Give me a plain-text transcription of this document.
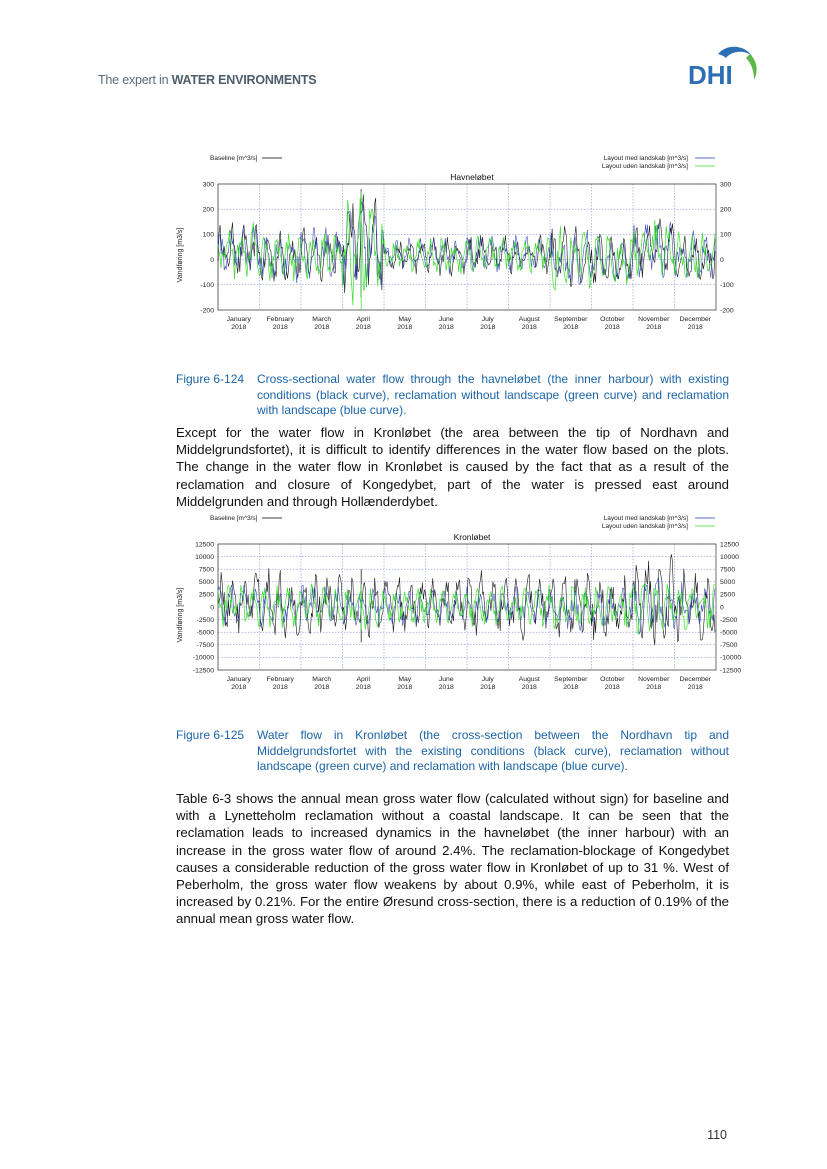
The expert in WATER ENVIRONMENTS	DHI
Baseline [m^3/s]	Layout med landskab [m^3/s]
Layout uden landskab [m^3/s]
Havneløbet
300	300
200	200
100	100
0	0
-100	-100
-200	-200
January
2018
February
2018
March
2018
April
2018
May
2018
June
2018
July
2018
August
2018
September
2018
October
2018
November
2018
December
2018
Vandføring [m3/s]
Figure 6-124 Cross-sectional water flow through the havneløbet (the inner harbour) with existing conditions (black curve), reclamation without landscape (green curve) and reclamation with landscape (blue curve).
Except for the water flow in Kronløbet (the area between the tip of Nordhavn and Middelgrundsfortet), it is difficult to identify differences in the water flow based on the plots. The change in the water flow in Kronløbet is caused by the fact that as a result of the reclamation and closure of Kongedybet, part of the water is pressed east around Middelgrunden and through Hollænderdybet.
Baseline [m^3/s]	Layout med landskab [m^3/s]
Layout uden landskab [m^3/s]
Kronløbet
12500	12500
10000	10000
7500	7500
5000	5000
2500	2500
0	0
-2500	-2500
-5000	-5000
-7500	-7500
-10000	-10000
-12500	-12500
January
2018
February
2018
March
2018
April
2018
May
2018
June
2018
July
2018
August
2018
September
2018
October
2018
November
2018
December
2018
Vandføring [m3/s]
Figure 6-125 Water flow in Kronløbet (the cross-section between the Nordhavn tip and Middelgrundsfortet with the existing conditions (black curve), reclamation without landscape (green curve) and reclamation with landscape (blue curve).
Table 6-3 shows the annual mean gross water flow (calculated without sign) for baseline and with a Lynetteholm reclamation without a coastal landscape. It can be seen that the reclamation leads to increased dynamics in the havneløbet (the inner harbour) with an increase in the gross water flow of around 2.4%. The reclamation-blockage of Kongedybet causes a considerable reduction of the gross water flow in Kronløbet of up to 31 %. West of Peberholm, the gross water flow weakens by about 0.9%, while east of Peberholm, it is increased by 0.21%. For the entire Øresund cross-section, there is a reduction of 0.19% of the annual mean gross water flow.
110
